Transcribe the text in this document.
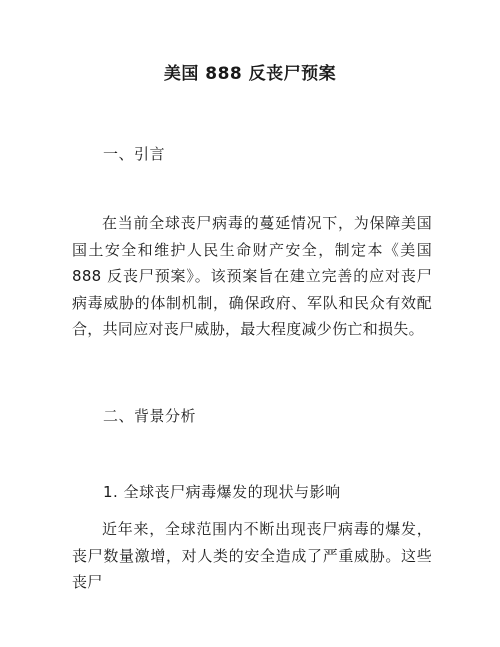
美国 888 反丧尸预案
一、引言
在当前全球丧尸病毒的蔓延情况下，为保障美国国土安全和维护人民生命财产安全，制定本《美国 888 反丧尸预案》。该预案旨在建立完善的应对丧尸病毒威胁的体制机制，确保政府、军队和民众有效配合，共同应对丧尸威胁，最大程度减少伤亡和损失。
二、背景分析
1. 全球丧尸病毒爆发的现状与影响
近年来，全球范围内不断出现丧尸病毒的爆发，丧尸数量激增，对人类的安全造成了严重威胁。这些丧尸
